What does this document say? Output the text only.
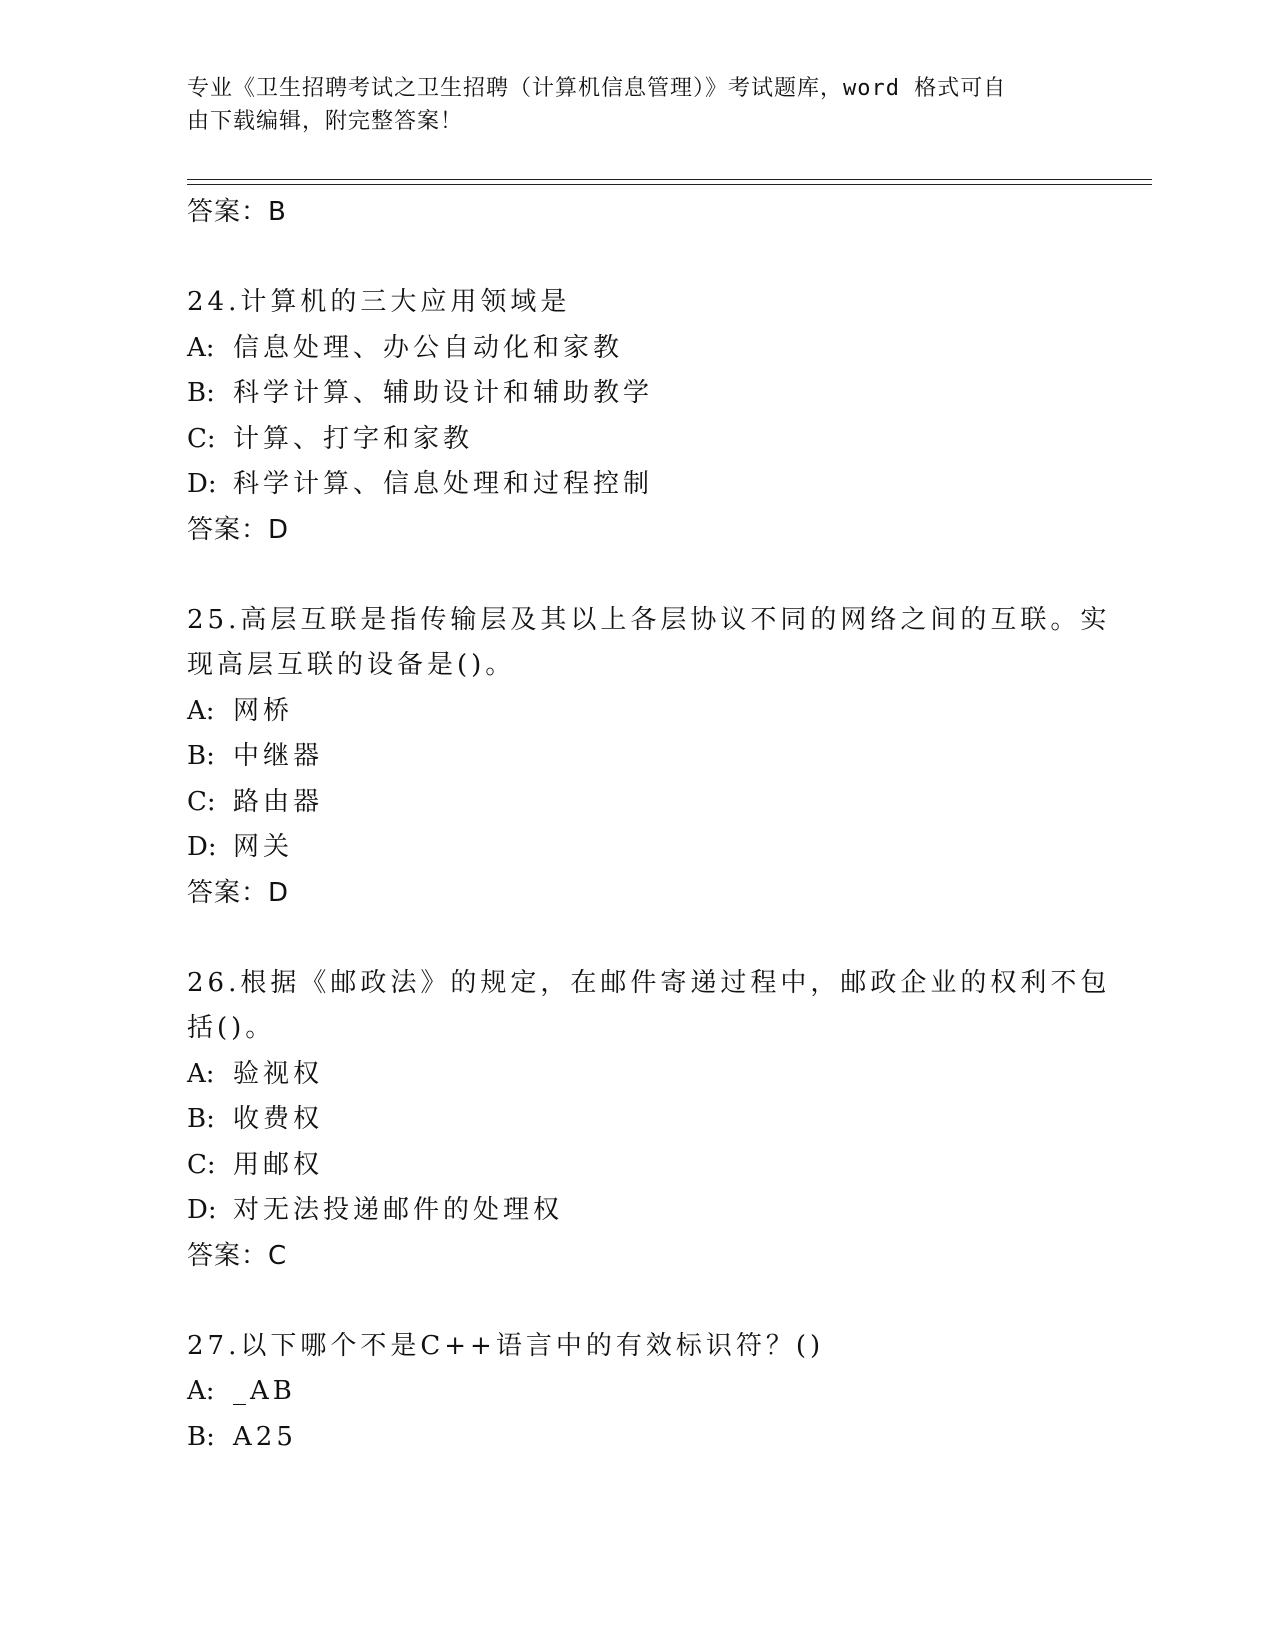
专业《卫生招聘考试之卫生招聘（计算机信息管理）》考试题库，word 格式可自
由下载编辑，附完整答案！
答案：B
24.计算机的三大应用领域是
A: 信息处理、办公自动化和家教
B: 科学计算、辅助设计和辅助教学
C: 计算、打字和家教
D: 科学计算、信息处理和过程控制
答案：D
25.高层互联是指传输层及其以上各层协议不同的网络之间的互联。实
现高层互联的设备是()。
A: 网桥
B: 中继器
C: 路由器
D: 网关
答案：D
26.根据《邮政法》的规定，在邮件寄递过程中，邮政企业的权利不包
括()。
A: 验视权
B: 收费权
C: 用邮权
D: 对无法投递邮件的处理权
答案：C
27.以下哪个不是C++语言中的有效标识符？()
A: _AB
B: A25
